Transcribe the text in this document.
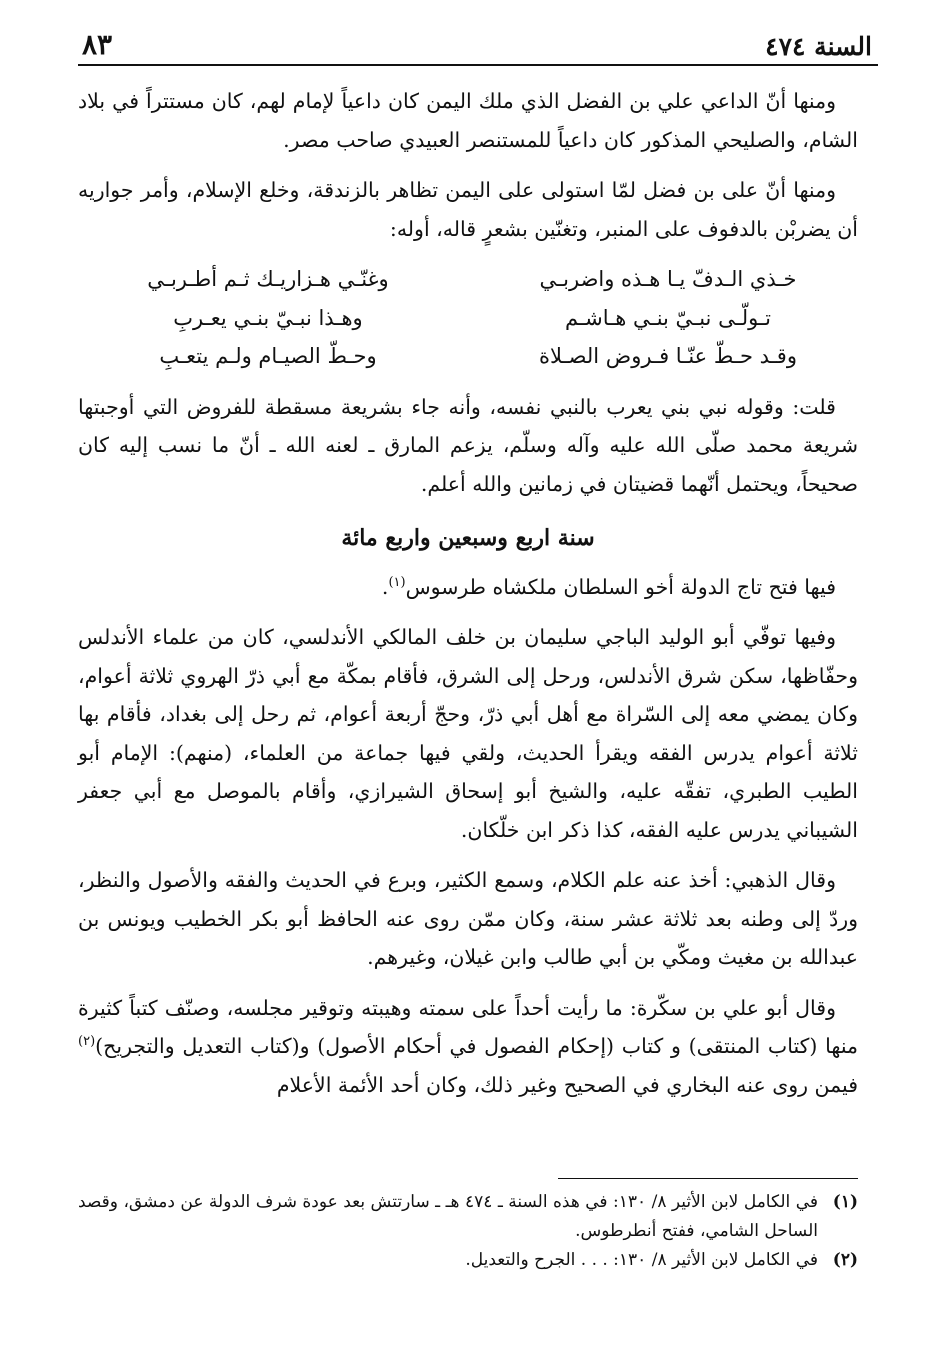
السنة ٤٧٤
٨٣

ومنها أنّ الداعي علي بن الفضل الذي ملك اليمن كان داعياً لإمام لهم، كان مستتراً في بلاد الشام، والصليحي المذكور كان داعياً للمستنصر العبيدي صاحب مصر.

ومنها أنّ على بن فضل لمّا استولى على اليمن تظاهر بالزندقة، وخلع الإسلام، وأمر جواريه أن يضربْن بالدفوف على المنبر، وتغنّين بشعرٍ قاله، أوله:

خـذي الـدفّ يـا هـذه واضربـي
وغنّـي هـزاريـك ثـم أطـربـي
تـولّـى نبـيّ بنـي هـاشـم
وهـذا نبـيّ بنـي يعـربِ
وقـد حـطّ عنّـا فـروض الصـلاة
وحـطّ الصيـام ولـم يتعـبِ

قلت: وقوله نبي بني يعرب بالنبي نفسه، وأنه جاء بشريعة مسقطة للفروض التي أوجبتها شريعة محمد صلّى الله عليه وآله وسلّم، يزعم المارق ـ لعنه الله ـ أنّ ما نسب إليه كان صحيحاً، ويحتمل أنّهما قضيتان في زمانين والله أعلم.

سنة اربع وسبعين واربع مائة

فيها فتح تاج الدولة أخو السلطان ملكشاه طرسوس$^{(١)}$.

وفيها توفّي أبو الوليد الباجي سليمان بن خلف المالكي الأندلسي، كان من علماء الأندلس وحفّاظها، سكن شرق الأندلس، ورحل إلى الشرق، فأقام بمكّة مع أبي ذرّ الهروي ثلاثة أعوام، وكان يمضي معه إلى السّراة مع أهل أبي ذرّ، وحجّ أربعة أعوام، ثم رحل إلى بغداد، فأقام بها ثلاثة أعوام يدرس الفقه ويقرأ الحديث، ولقي فيها جماعة من العلماء، (منهم): الإمام أبو الطيب الطبري، تفقّه عليه، والشيخ أبو إسحاق الشيرازي، وأقام بالموصل مع أبي جعفر الشيباني يدرس عليه الفقه، كذا ذكر ابن خلّكان.

وقال الذهبي: أخذ عنه علم الكلام، وسمع الكثير، وبرع في الحديث والفقه والأصول والنظر، وردّ إلى وطنه بعد ثلاثة عشر سنة، وكان ممّن روى عنه الحافظ أبو بكر الخطيب ويونس بن عبدالله بن مغيث ومكّي بن أبي طالب وابن غيلان، وغيرهم.

وقال أبو علي بن سكّرة: ما رأيت أحداً على سمته وهيبته وتوقير مجلسه، وصنّف كتباً كثيرة منها (كتاب المنتقى) و كتاب (إحكام الفصول في أحكام الأصول) و(كتاب التعديل والتجريح)$^{(٢)}$ فيمن روى عنه البخاري في الصحيح وغير ذلك، وكان أحد الأئمة الأعلام

(١)
في الكامل لابن الأثير ٨/ ١٣٠: في هذه السنة ـ ٤٧٤ هـ ـ سارتتش بعد عودة شرف الدولة عن دمشق، وقصد الساحل الشامي، ففتح أنطرطوس.
(٢)
في الكامل لابن الأثير ٨/ ١٣٠: . . . الجرح والتعديل.
